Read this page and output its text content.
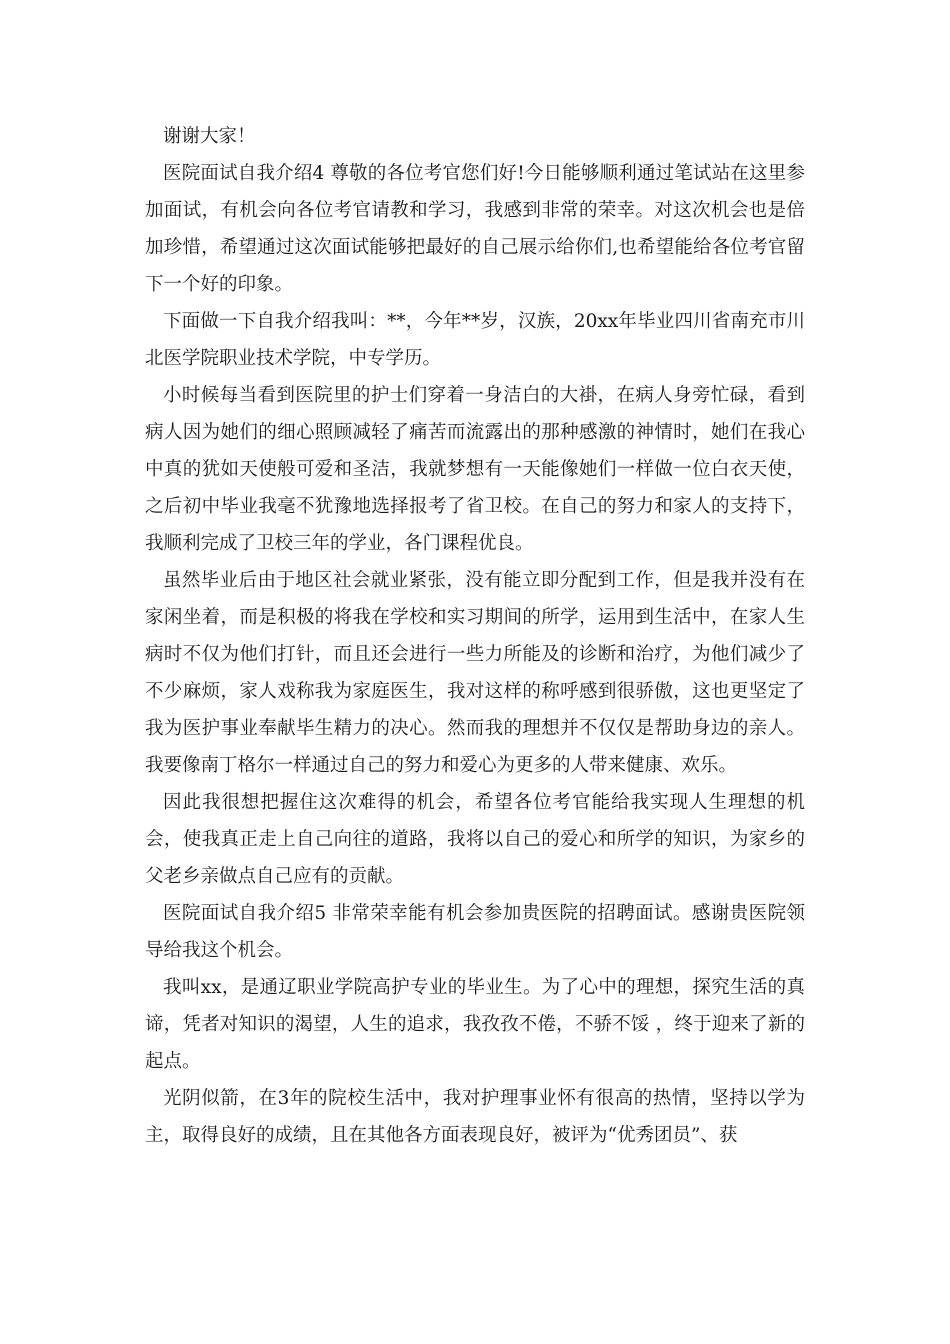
谢谢大家！

医院面试自我介绍4 尊敬的各位考官您们好!今日能够顺利通过笔试站在这里参加面试，有机会向各位考官请教和学习，我感到非常的荣幸。对这次机会也是倍加珍惜，希望通过这次面试能够把最好的自己展示给你们,也希望能给各位考官留下一个好的印象。

下面做一下自我介绍我叫：**，今年**岁，汉族，20xx年毕业四川省南充市川北医学院职业技术学院，中专学历。

小时候每当看到医院里的护士们穿着一身洁白的大褂，在病人身旁忙碌，看到病人因为她们的细心照顾减轻了痛苦而流露出的那种感激的神情时，她们在我心中真的犹如天使般可爱和圣洁，我就梦想有一天能像她们一样做一位白衣天使，之后初中毕业我毫不犹豫地选择报考了省卫校。在自己的努力和家人的支持下，我顺利完成了卫校三年的学业，各门课程优良。

虽然毕业后由于地区社会就业紧张，没有能立即分配到工作，但是我并没有在家闲坐着，而是积极的将我在学校和实习期间的所学，运用到生活中，在家人生病时不仅为他们打针，而且还会进行一些力所能及的诊断和治疗，为他们减少了不少麻烦，家人戏称我为家庭医生，我对这样的称呼感到很骄傲，这也更坚定了我为医护事业奉献毕生精力的决心。然而我的理想并不仅仅是帮助身边的亲人。我要像南丁格尔一样通过自己的努力和爱心为更多的人带来健康、欢乐。

因此我很想把握住这次难得的机会，希望各位考官能给我实现人生理想的机会，使我真正走上自己向往的道路，我将以自己的爱心和所学的知识，为家乡的父老乡亲做点自己应有的贡献。

医院面试自我介绍5 非常荣幸能有机会参加贵医院的招聘面试。感谢贵医院领导给我这个机会。

我叫xx，是通辽职业学院高护专业的毕业生。为了心中的理想，探究生活的真谛，凭者对知识的渴望，人生的追求，我孜孜不倦，不骄不馁 ，终于迎来了新的起点。

光阴似箭，在3年的院校生活中，我对护理事业怀有很高的热情，坚持以学为主，取得良好的成绩，且在其他各方面表现良好，被评为“优秀团员”、获
